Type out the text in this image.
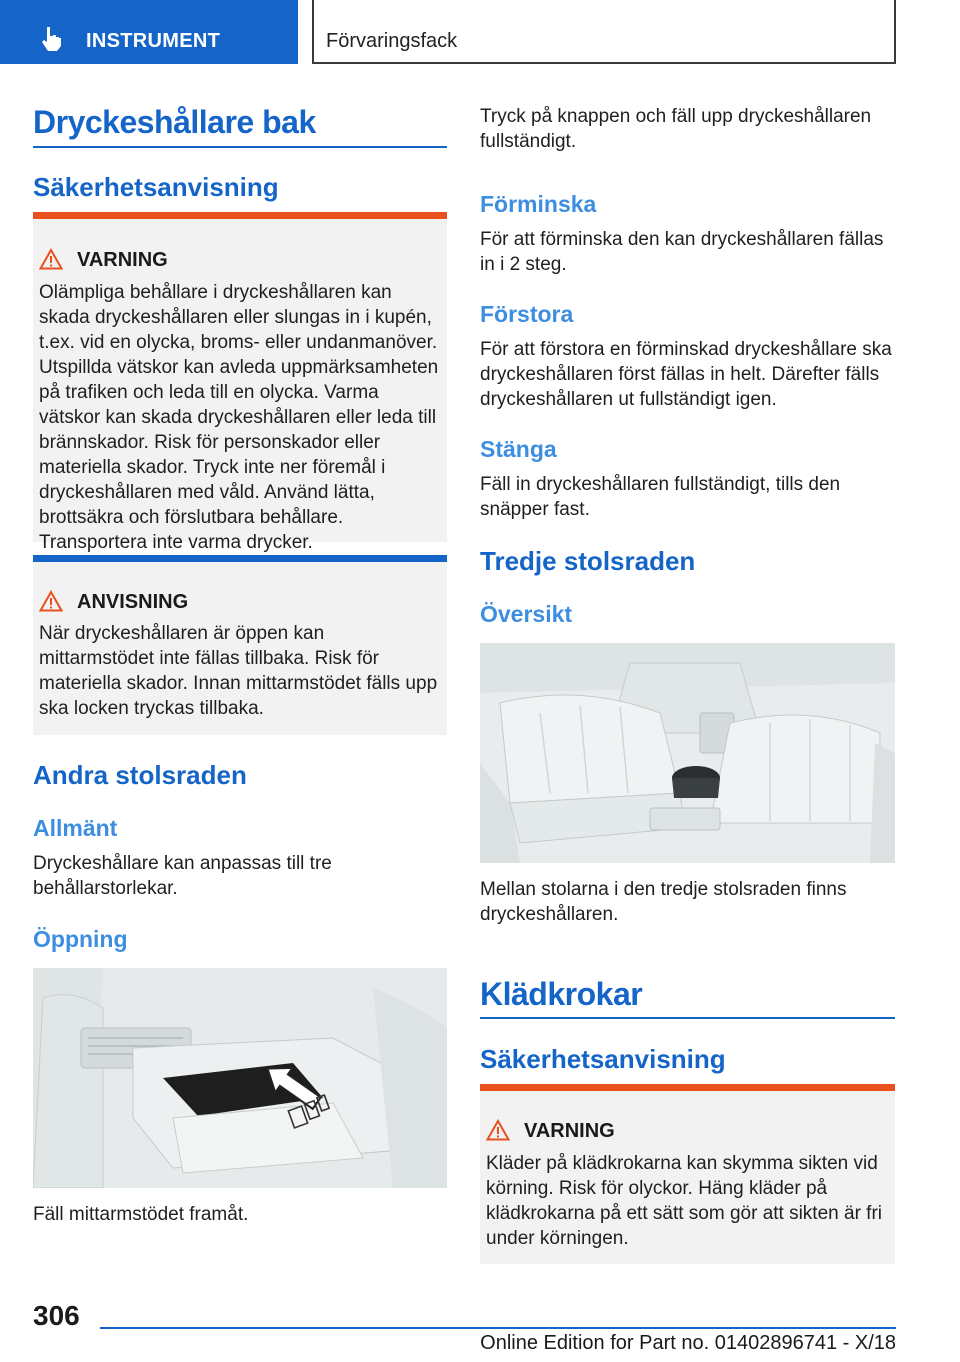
INSTRUMENT	Förvaringsfack
Dryckeshållare bak
Säkerhetsanvisning
VARNING
Olämpliga behållare i dryckeshållaren kan skada dryckeshållaren eller slungas in i kupén, t.ex. vid en olycka, broms- eller undanmanöver. Utspillda vätskor kan avleda uppmärksamheten på trafiken och leda till en olycka. Varma vätskor kan skada dryckeshållaren eller leda till brännskador. Risk för personskador eller materiella skador. Tryck inte ner föremål i dryckeshållaren med våld. Använd lätta, brottsäkra och förslutbara behållare. Transportera inte varma drycker.
ANVISNING
När dryckeshållaren är öppen kan mittarmstödet inte fällas tillbaka. Risk för materiella skador. Innan mittarmstödet fälls upp ska locken tryckas tillbaka.
Andra stolsraden
Allmänt
Dryckeshållare kan anpassas till tre behållarstorlekar.
Öppning
Fäll mittarmstödet framåt.
Tryck på knappen och fäll upp dryckeshållaren fullständigt.
Förminska
För att förminska den kan dryckeshållaren fällas in i 2 steg.
Förstora
För att förstora en förminskad dryckeshållare ska dryckeshållaren först fällas in helt. Därefter fälls dryckeshållaren ut fullständigt igen.
Stänga
Fäll in dryckeshållaren fullständigt, tills den snäpper fast.
Tredje stolsraden
Översikt
Mellan stolarna i den tredje stolsraden finns dryckeshållaren.
Klädkrokar
Säkerhetsanvisning
VARNING
Kläder på klädkrokarna kan skymma sikten vid körning. Risk för olyckor. Häng kläder på klädkrokarna på ett sätt som gör att sikten är fri under körningen.
306
Online Edition for Part no. 01402896741 - X/18
